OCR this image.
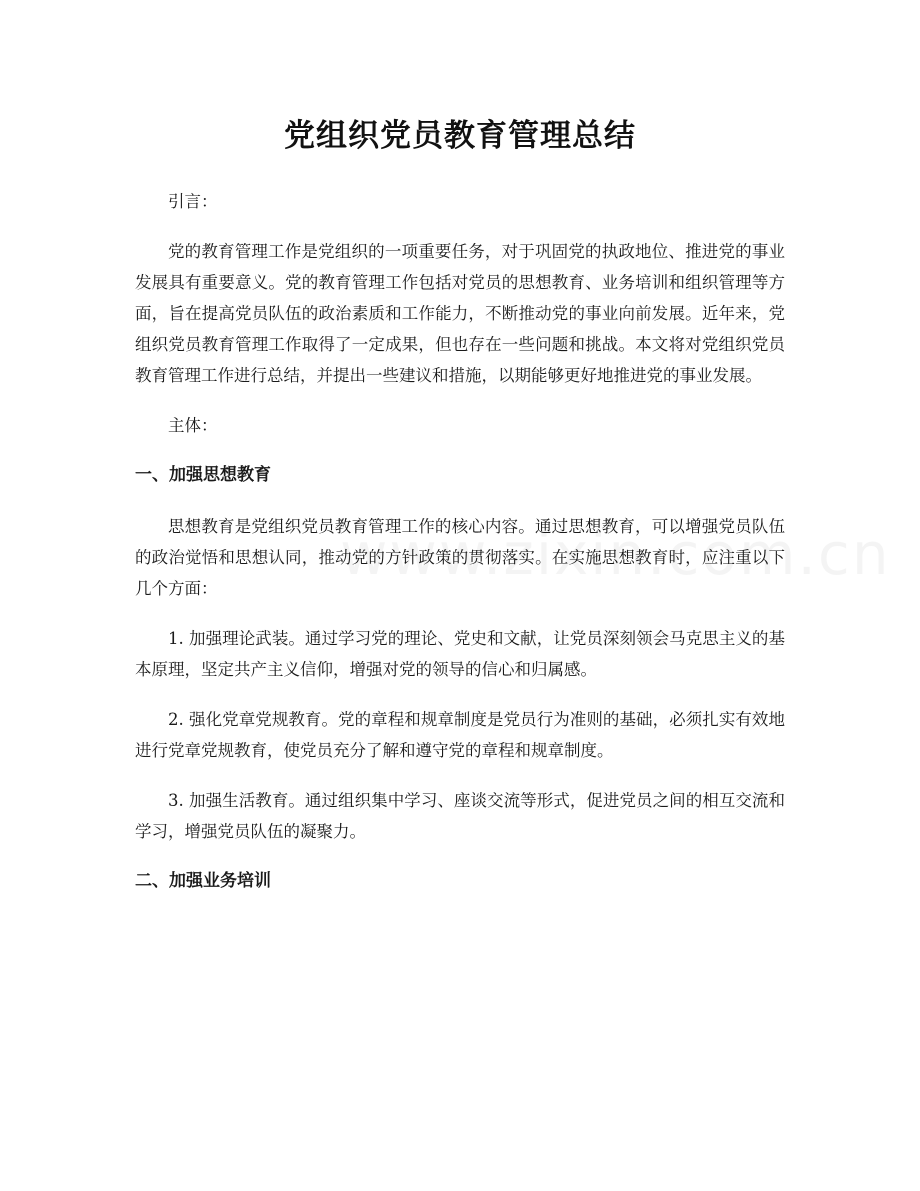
党组织党员教育管理总结

引言：

党的教育管理工作是党组织的一项重要任务，对于巩固党的执政地位、推进党的事业发展具有重要意义。党的教育管理工作包括对党员的思想教育、业务培训和组织管理等方面，旨在提高党员队伍的政治素质和工作能力，不断推动党的事业向前发展。近年来，党组织党员教育管理工作取得了一定成果，但也存在一些问题和挑战。本文将对党组织党员教育管理工作进行总结，并提出一些建议和措施，以期能够更好地推进党的事业发展。

主体：

一、加强思想教育

思想教育是党组织党员教育管理工作的核心内容。通过思想教育，可以增强党员队伍的政治觉悟和思想认同，推动党的方针政策的贯彻落实。在实施思想教育时，应注重以下几个方面：

1. 加强理论武装。通过学习党的理论、党史和文献，让党员深刻领会马克思主义的基本原理，坚定共产主义信仰，增强对党的领导的信心和归属感。

2. 强化党章党规教育。党的章程和规章制度是党员行为准则的基础，必须扎实有效地进行党章党规教育，使党员充分了解和遵守党的章程和规章制度。

3. 加强生活教育。通过组织集中学习、座谈交流等形式，促进党员之间的相互交流和学习，增强党员队伍的凝聚力。

二、加强业务培训
